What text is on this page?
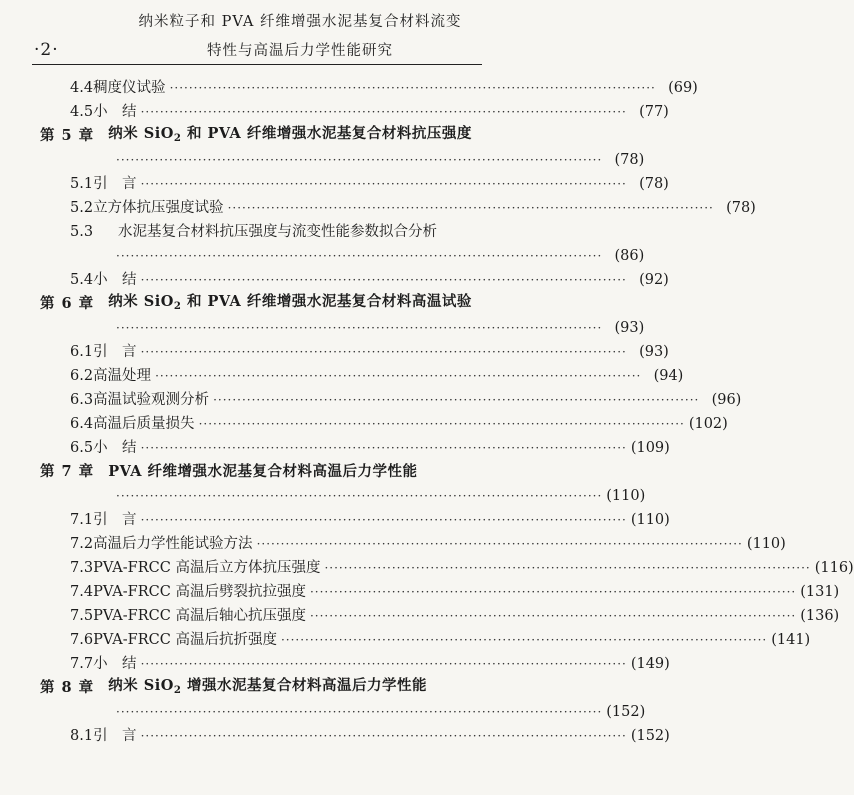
·2·
纳米粒子和 PVA 纤维增强水泥基复合材料流变
特性与高温后力学性能研究
4.4 稠度仪试验 ····································································································· (69)
4.5 小　结 ····································································································· (77)
第 5 章 纳米 SiO$_2$ 和 PVA 纤维增强水泥基复合材料抗压强度
····································································································· (78)
5.1 引　言 ····································································································· (78)
5.2 立方体抗压强度试验 ····································································································· (78)
5.3	水泥基复合材料抗压强度与流变性能参数拟合分析
····································································································· (86)
5.4 小　结 ····································································································· (92)
第 6 章 纳米 SiO$_2$ 和 PVA 纤维增强水泥基复合材料高温试验
····································································································· (93)
6.1 引　言 ····································································································· (93)
6.2 高温处理 ····································································································· (94)
6.3 高温试验观测分析 ····································································································· (96)
6.4 高温后质量损失 ····································································································· (102)
6.5 小　结 ····································································································· (109)
第 7 章 PVA 纤维增强水泥基复合材料高温后力学性能
····································································································· (110)
7.1 引　言 ····································································································· (110)
7.2 高温后力学性能试验方法 ····································································································· (110)
7.3 PVA-FRCC 高温后立方体抗压强度 ····································································································· (116)
7.4 PVA-FRCC 高温后劈裂抗拉强度 ····································································································· (131)
7.5 PVA-FRCC 高温后轴心抗压强度 ····································································································· (136)
7.6 PVA-FRCC 高温后抗折强度 ····································································································· (141)
7.7 小　结 ····································································································· (149)
第 8 章 纳米 SiO$_2$ 增强水泥基复合材料高温后力学性能
····································································································· (152)
8.1 引　言 ····································································································· (152)
